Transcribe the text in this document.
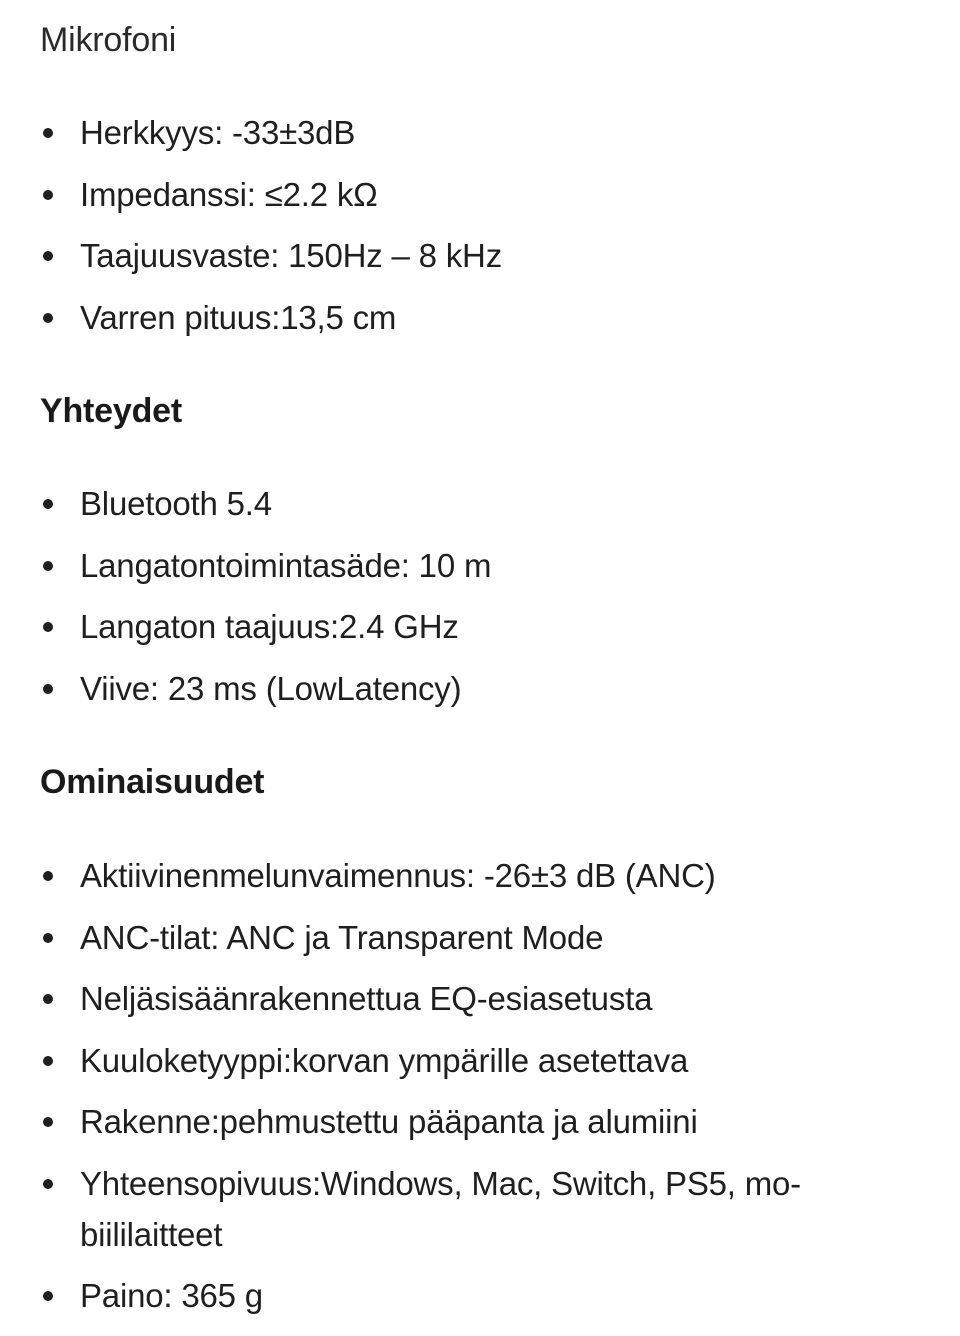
Mikrofoni
Herkkyys: -33±3dB
Impedanssi: ≤2.2 kΩ
Taajuusvaste: 150Hz – 8 kHz
Varren pituus:13,5 cm
Yhteydet
Bluetooth 5.4
Langatontoimintasäde: 10 m
Langaton taajuus:2.4 GHz
Viive: 23 ms (LowLatency)
Ominaisuudet
Aktiivinenmelunvaimennus: -26±3 dB (ANC)
ANC-tilat: ANC ja Transparent Mode
Neljäsisäänrakennettua EQ-esiasetusta
Kuuloketyyppi:korvan ympärille asetettava
Rakenne:pehmustettu pääpanta ja alumiini
Yhteensopivuus:Windows, Mac, Switch, PS5, mo-
biililaitteet
Paino: 365 g
